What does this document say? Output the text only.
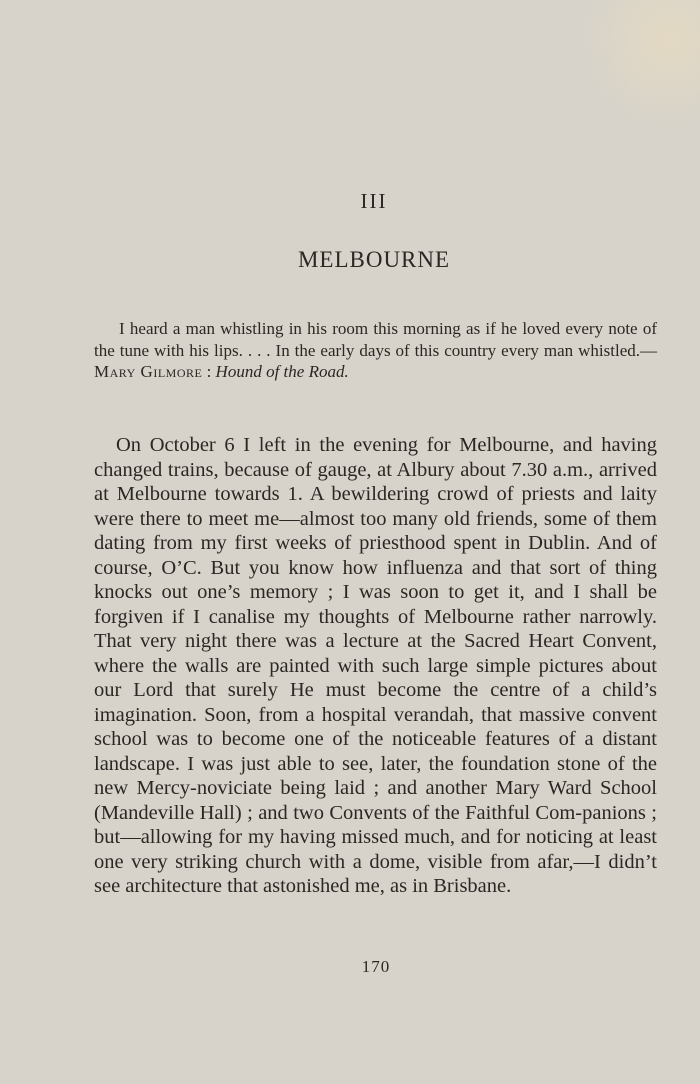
III
MELBOURNE
I heard a man whistling in his room this morning as if he loved every note of the tune with his lips. . . . In the early days of this country every man whistled.—Mary Gilmore : Hound of the Road.

On October 6 I left in the evening for Melbourne, and having changed trains, because of gauge, at Albury about 7.30 a.m., arrived at Melbourne towards 1. A bewildering crowd of priests and laity were there to meet me—almost too many old friends, some of them dating from my first weeks of priesthood spent in Dublin. And of course, O’C. But you know how influenza and that sort of thing knocks out one’s memory ; I was soon to get it, and I shall be forgiven if I canalise my thoughts of Melbourne rather narrowly. That very night there was a lecture at the Sacred Heart Convent, where the walls are painted with such large simple pictures about our Lord that surely He must become the centre of a child’s imagination. Soon, from a hospital verandah, that massive convent school was to become one of the noticeable features of a distant landscape. I was just able to see, later, the foundation stone of the new Mercy-noviciate being laid ; and another Mary Ward School (Mandeville Hall) ; and two Convents of the Faithful Com-panions ; but—allowing for my having missed much, and for noticing at least one very striking church with a dome, visible from afar,—I didn’t see architecture that astonished me, as in Brisbane.

170
